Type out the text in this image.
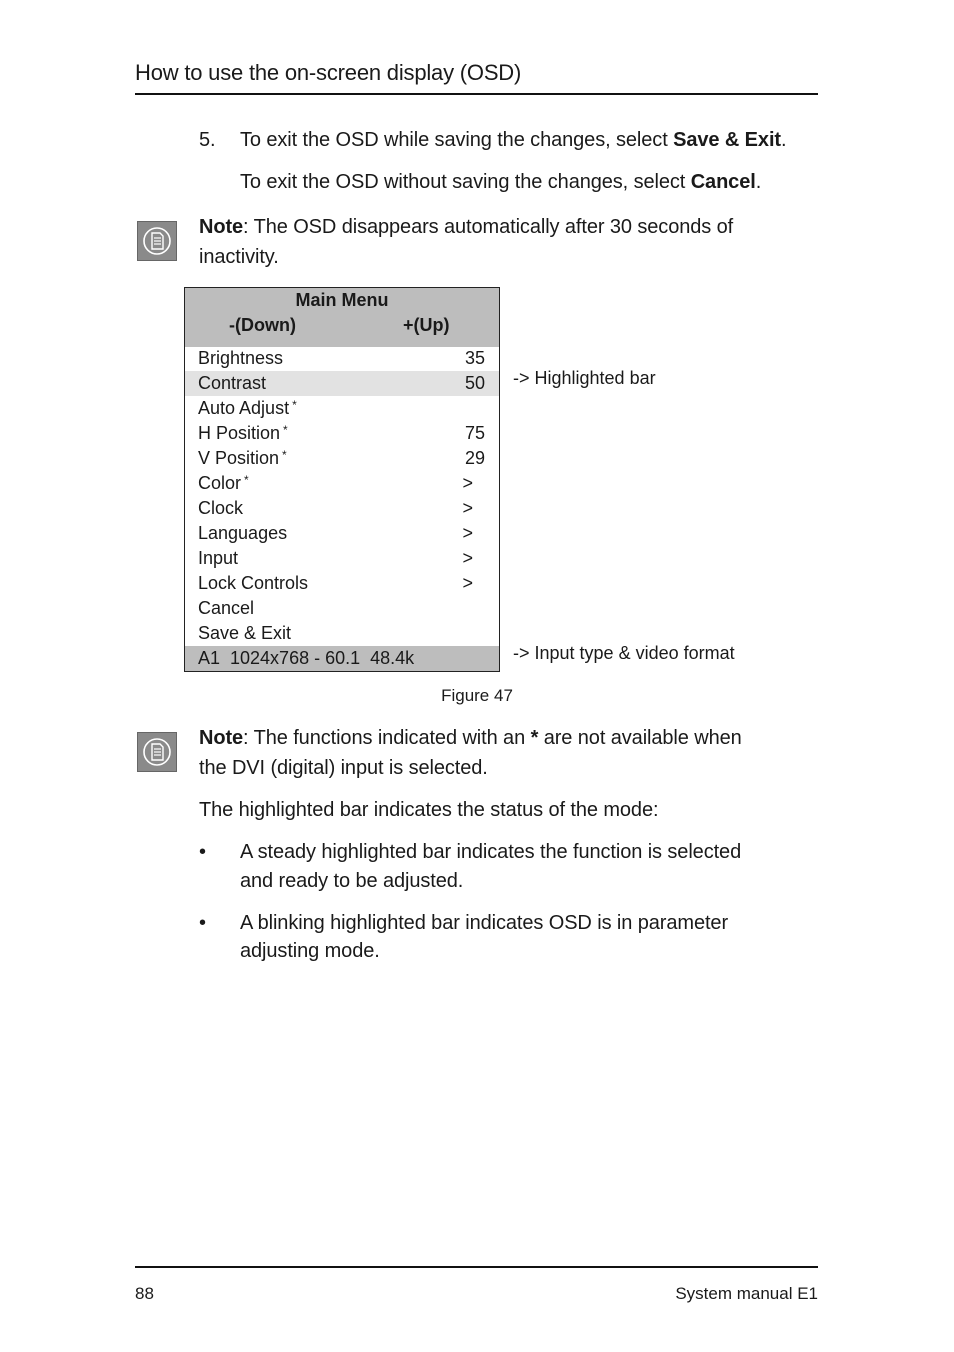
How to use the on-screen display (OSD)
5. To exit the OSD while saving the changes, select Save & Exit.
To exit the OSD without saving the changes, select Cancel.
Note: The OSD disappears automatically after 30 seconds of
inactivity.
Main Menu
-(Down)	+(Up)
Brightness	35
Contrast	50
Auto Adjust *
H Position *	75
V Position *	29
Color *	>
Clock	>
Languages	>
Input	>
Lock Controls	>
Cancel
Save & Exit
A1  1024x768 - 60.1  48.4k
-> Highlighted bar
-> Input type & video format
Figure 47
Note: The functions indicated with an * are not available when
the DVI (digital) input is selected.
The highlighted bar indicates the status of the mode:
• A steady highlighted bar indicates the function is selected
and ready to be adjusted.
• A blinking highlighted bar indicates OSD is in parameter
adjusting mode.
88	System manual E1
